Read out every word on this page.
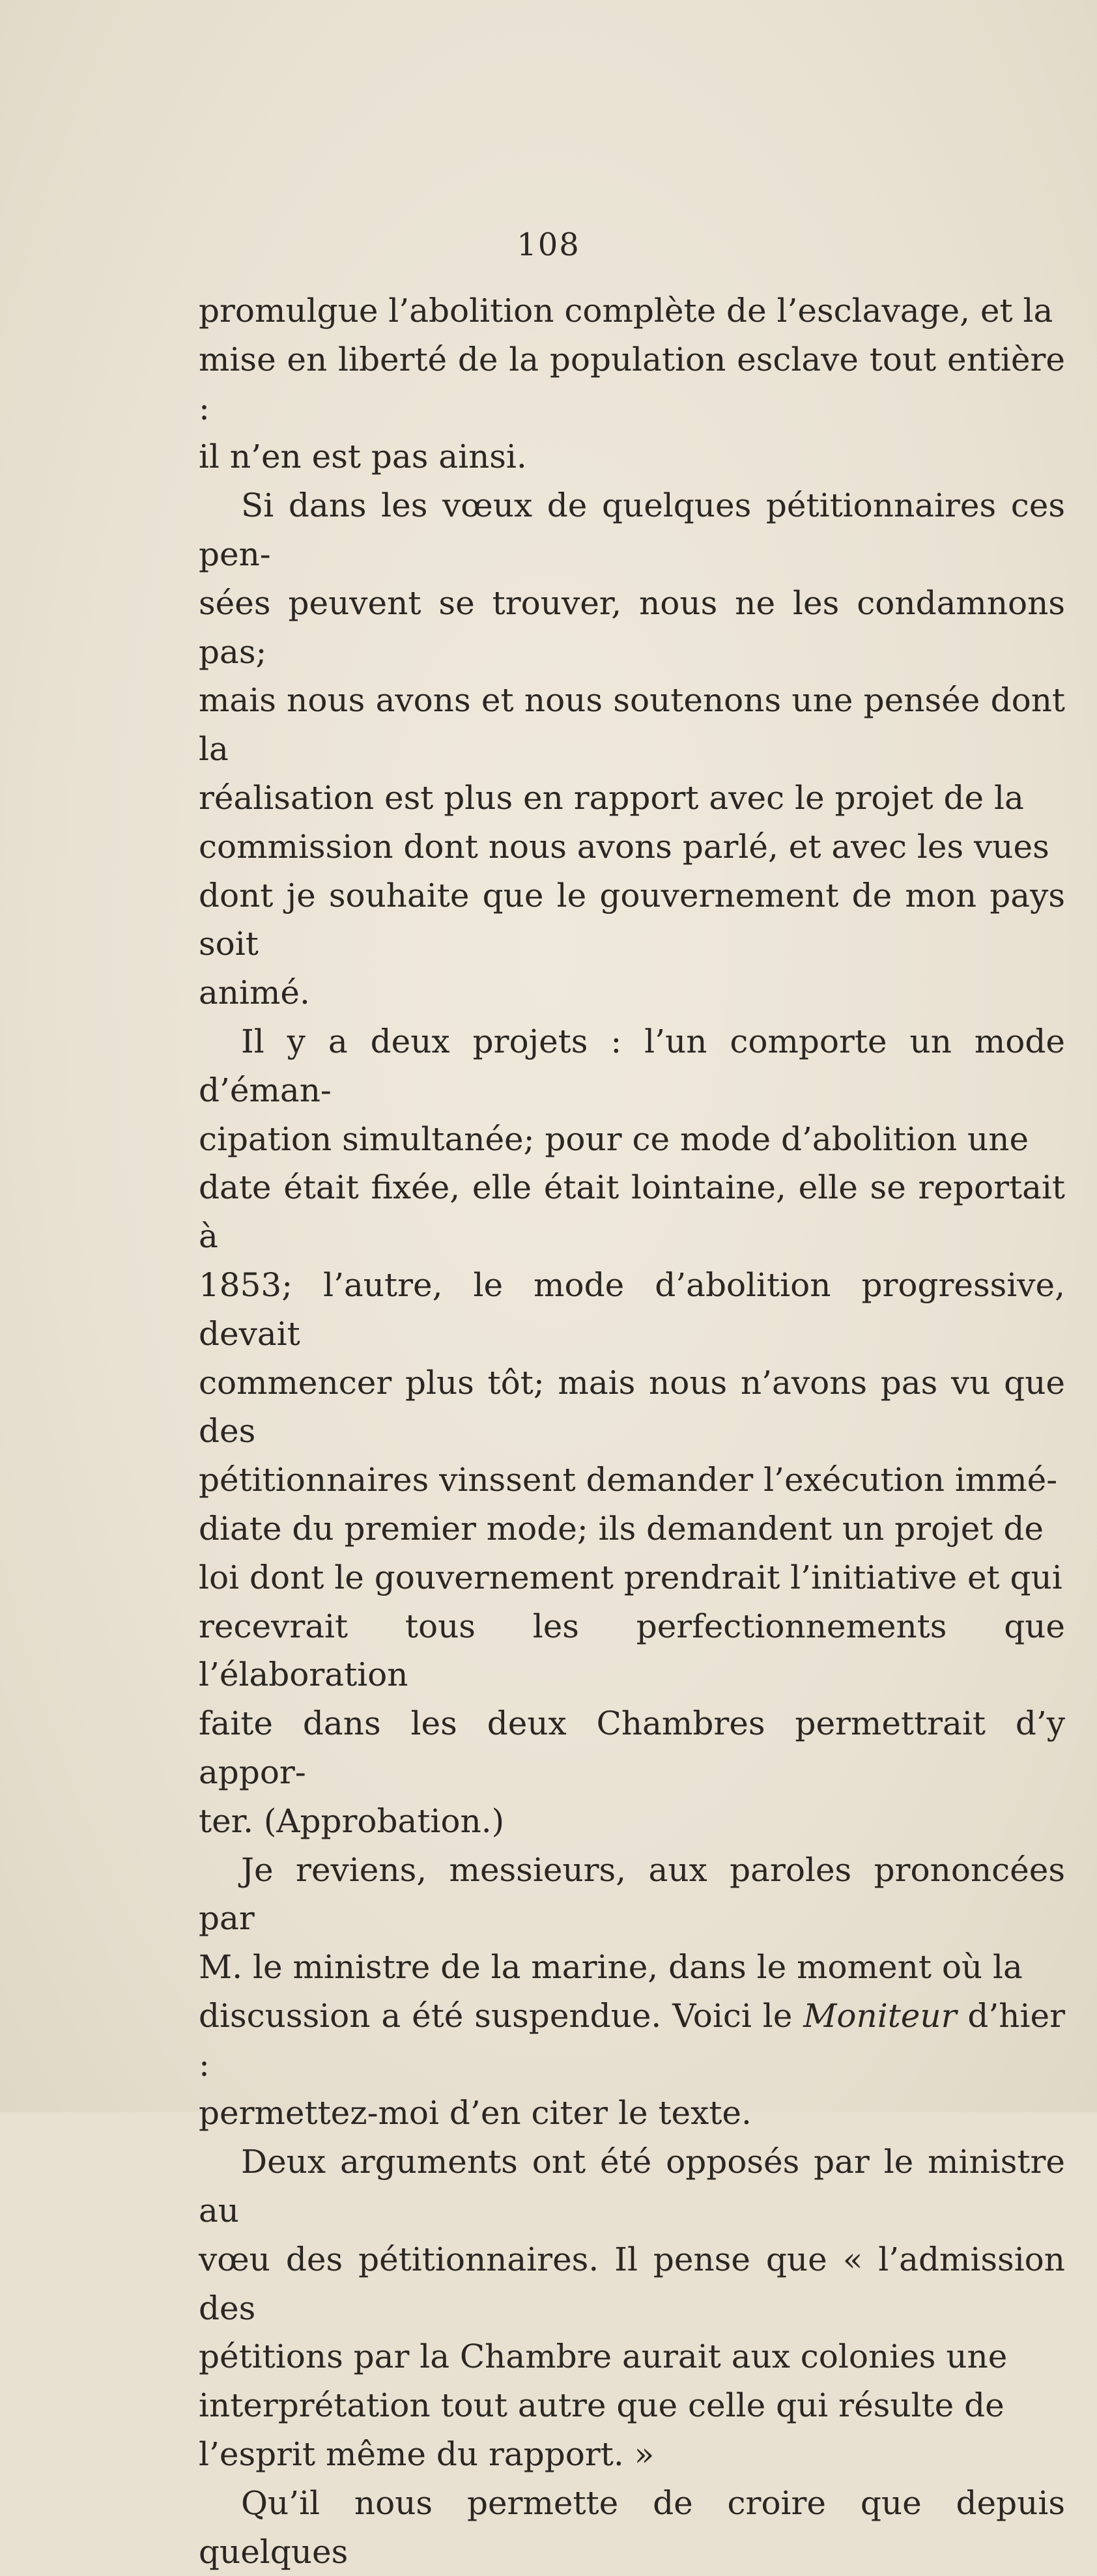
108

promulgue l’abolition complète de l’esclavage, et la
mise en liberté de la population esclave tout entière :
il n’en est pas ainsi.

Si dans les vœux de quelques pétitionnaires ces pen-
sées peuvent se trouver, nous ne les condamnons pas;
mais nous avons et nous soutenons une pensée dont la
réalisation est plus en rapport avec le projet de la
commission dont nous avons parlé, et avec les vues
dont je souhaite que le gouvernement de mon pays soit
animé.

Il y a deux projets : l’un comporte un mode d’éman-
cipation simultanée; pour ce mode d’abolition une
date était fixée, elle était lointaine, elle se reportait à
1853; l’autre, le mode d’abolition progressive, devait
commencer plus tôt; mais nous n’avons pas vu que des
pétitionnaires vinssent demander l’exécution immé-
diate du premier mode; ils demandent un projet de
loi dont le gouvernement prendrait l’initiative et qui
recevrait tous les perfectionnements que l’élaboration
faite dans les deux Chambres permettrait d’y appor-
ter. (Approbation.)

Je reviens, messieurs, aux paroles prononcées par
M. le ministre de la marine, dans le moment où la
discussion a été suspendue. Voici le Moniteur d’hier :
permettez-moi d’en citer le texte.

Deux arguments ont été opposés par le ministre au
vœu des pétitionnaires. Il pense que « l’admission des
pétitions par la Chambre aurait aux colonies une
interprétation tout autre que celle qui résulte de
l’esprit même du rapport. »

Qu’il nous permette de croire que depuis quelques
